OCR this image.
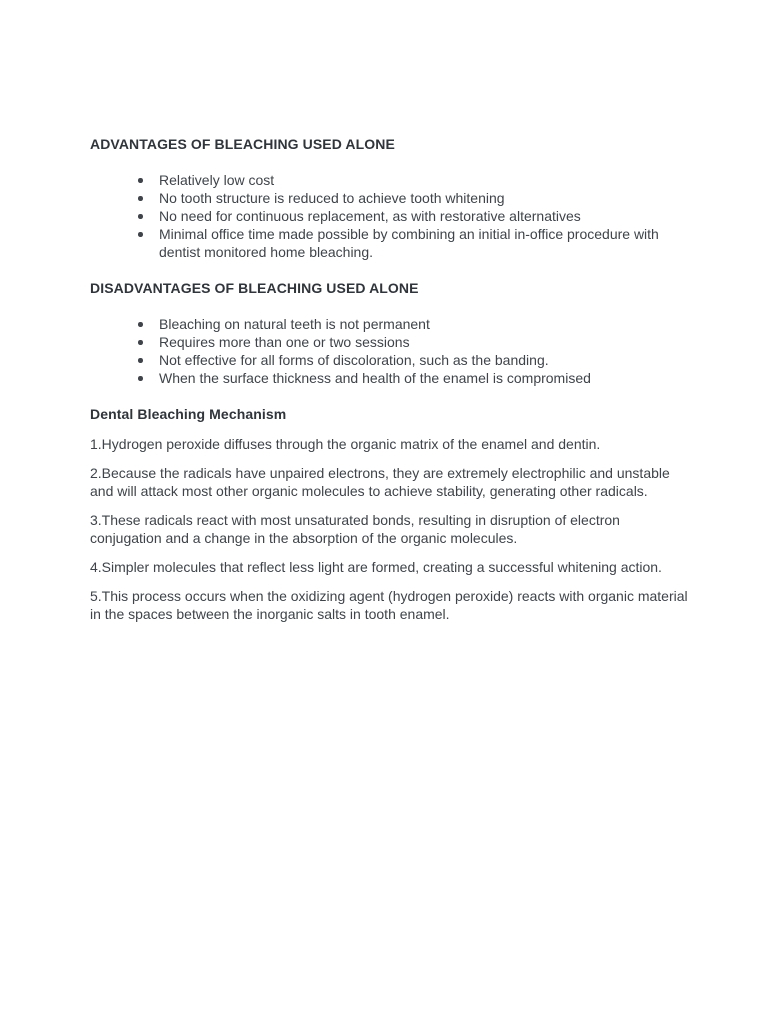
ADVANTAGES OF BLEACHING USED ALONE
Relatively low cost
No tooth structure is reduced to achieve tooth whitening
No need for continuous replacement, as with restorative alternatives
Minimal office time made possible by combining an initial in-office procedure with dentist monitored home bleaching.
DISADVANTAGES OF BLEACHING USED ALONE
Bleaching on natural teeth is not permanent
Requires more than one or two sessions
Not effective for all forms of discoloration, such as the banding.
When the surface thickness and health of the enamel is compromised
Dental Bleaching Mechanism

1.Hydrogen peroxide diffuses through the organic matrix of the enamel and dentin.

2.Because the radicals have unpaired electrons, they are extremely electrophilic and unstable and will attack most other organic molecules to achieve stability, generating other radicals.

3.These radicals react with most unsaturated bonds, resulting in disruption of electron conjugation and a change in the absorption of the organic molecules.

4.Simpler molecules that reflect less light are formed, creating a successful whitening action.

5.This process occurs when the oxidizing agent (hydrogen peroxide) reacts with organic material in the spaces between the inorganic salts in tooth enamel.
